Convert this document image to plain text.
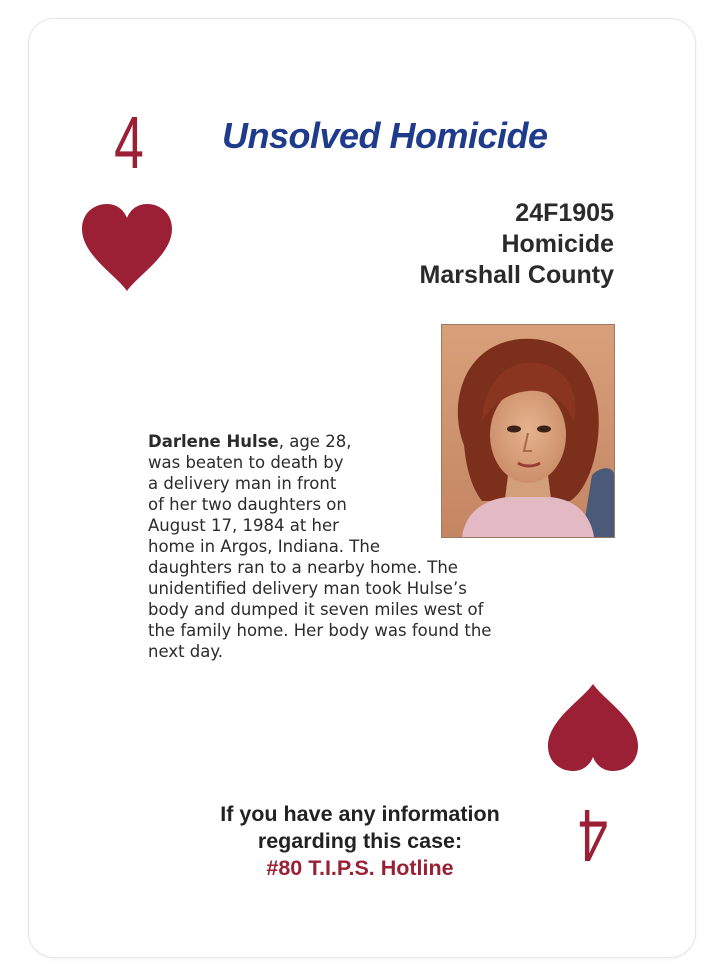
4 Unsolved Homicide
24F1905
Homicide
Marshall County
Darlene Hulse, age 28,
was beaten to death by
a delivery man in front
of her two daughters on
August 17, 1984 at her
home in Argos, Indiana. The
daughters ran to a nearby home. The
unidentified delivery man took Hulse’s
body and dumped it seven miles west of
the family home. Her body was found the
next day.
4
If you have any information
regarding this case:
#80 T.I.P.S. Hotline
